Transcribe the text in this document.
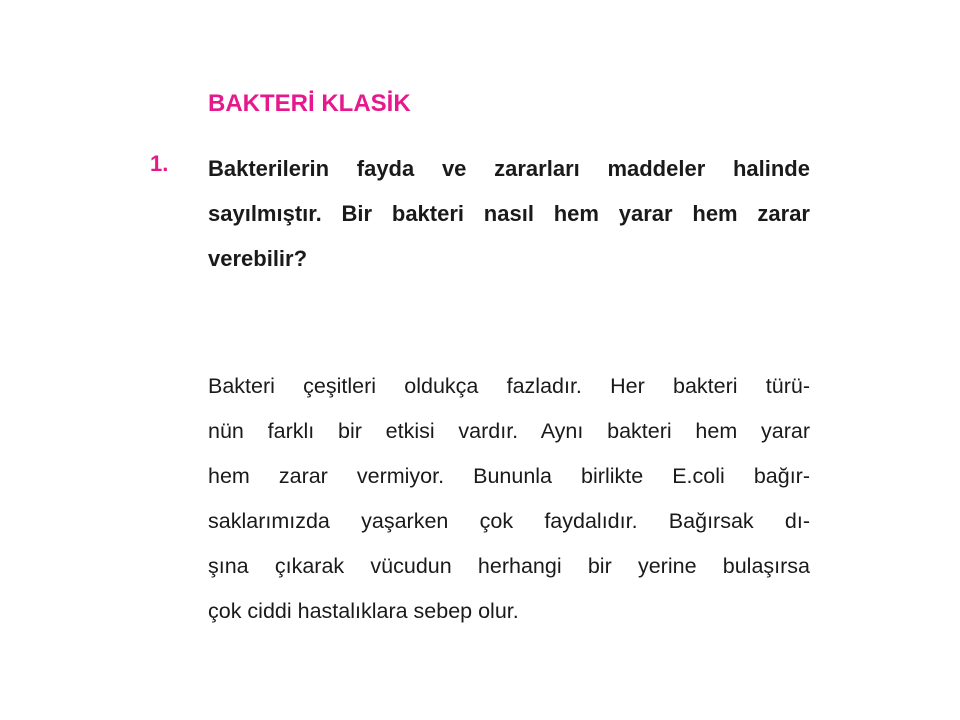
BAKTERİ KLASİK
1. Bakterilerin fayda ve zararları maddeler halinde sayılmıştır. Bir bakteri nasıl hem yarar hem zarar verebilir?

Bakteri çeşitleri oldukça fazladır. Her bakteri türü-
nün farklı bir etkisi vardır. Aynı bakteri hem yarar
hem zarar vermiyor. Bununla birlikte E.coli bağır-
saklarımızda yaşarken çok faydalıdır. Bağırsak dı-
şına çıkarak vücudun herhangi bir yerine bulaşırsa
çok ciddi hastalıklara sebep olur.
